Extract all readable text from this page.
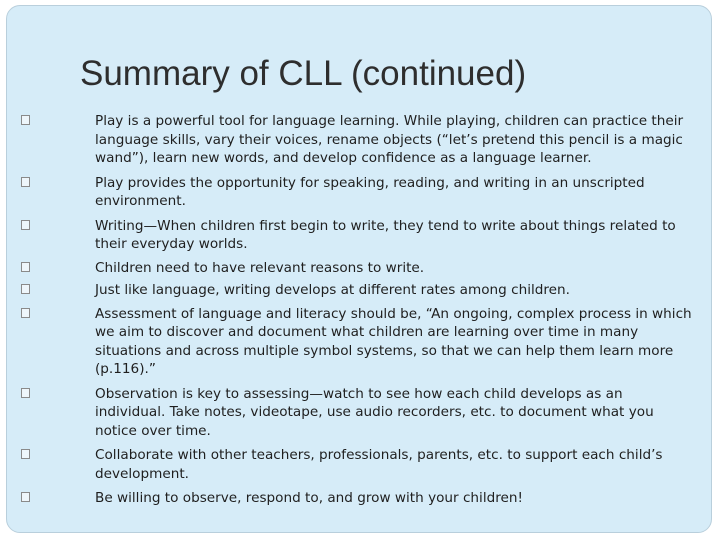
Summary of CLL (continued)
Play is a powerful tool for language learning. While playing, children can practice their language skills, vary their voices, rename objects (“let’s pretend this pencil is a magic wand”), learn new words, and develop confidence as a language learner.
Play provides the opportunity for speaking, reading, and writing in an unscripted environment.
Writing—When children first begin to write, they tend to write about things related to their everyday worlds.
Children need to have relevant reasons to write.
Just like language, writing develops at different rates among children.
Assessment of language and literacy should be, “An ongoing, complex process in which we aim to discover and document what children are learning over time in many situations and across multiple symbol systems, so that we can help them learn more (p.116).”
Observation is key to assessing—watch to see how each child develops as an individual. Take notes, videotape, use audio recorders, etc. to document what you notice over time.
Collaborate with other teachers, professionals, parents, etc. to support each child’s development.
Be willing to observe, respond to, and grow with your children!
